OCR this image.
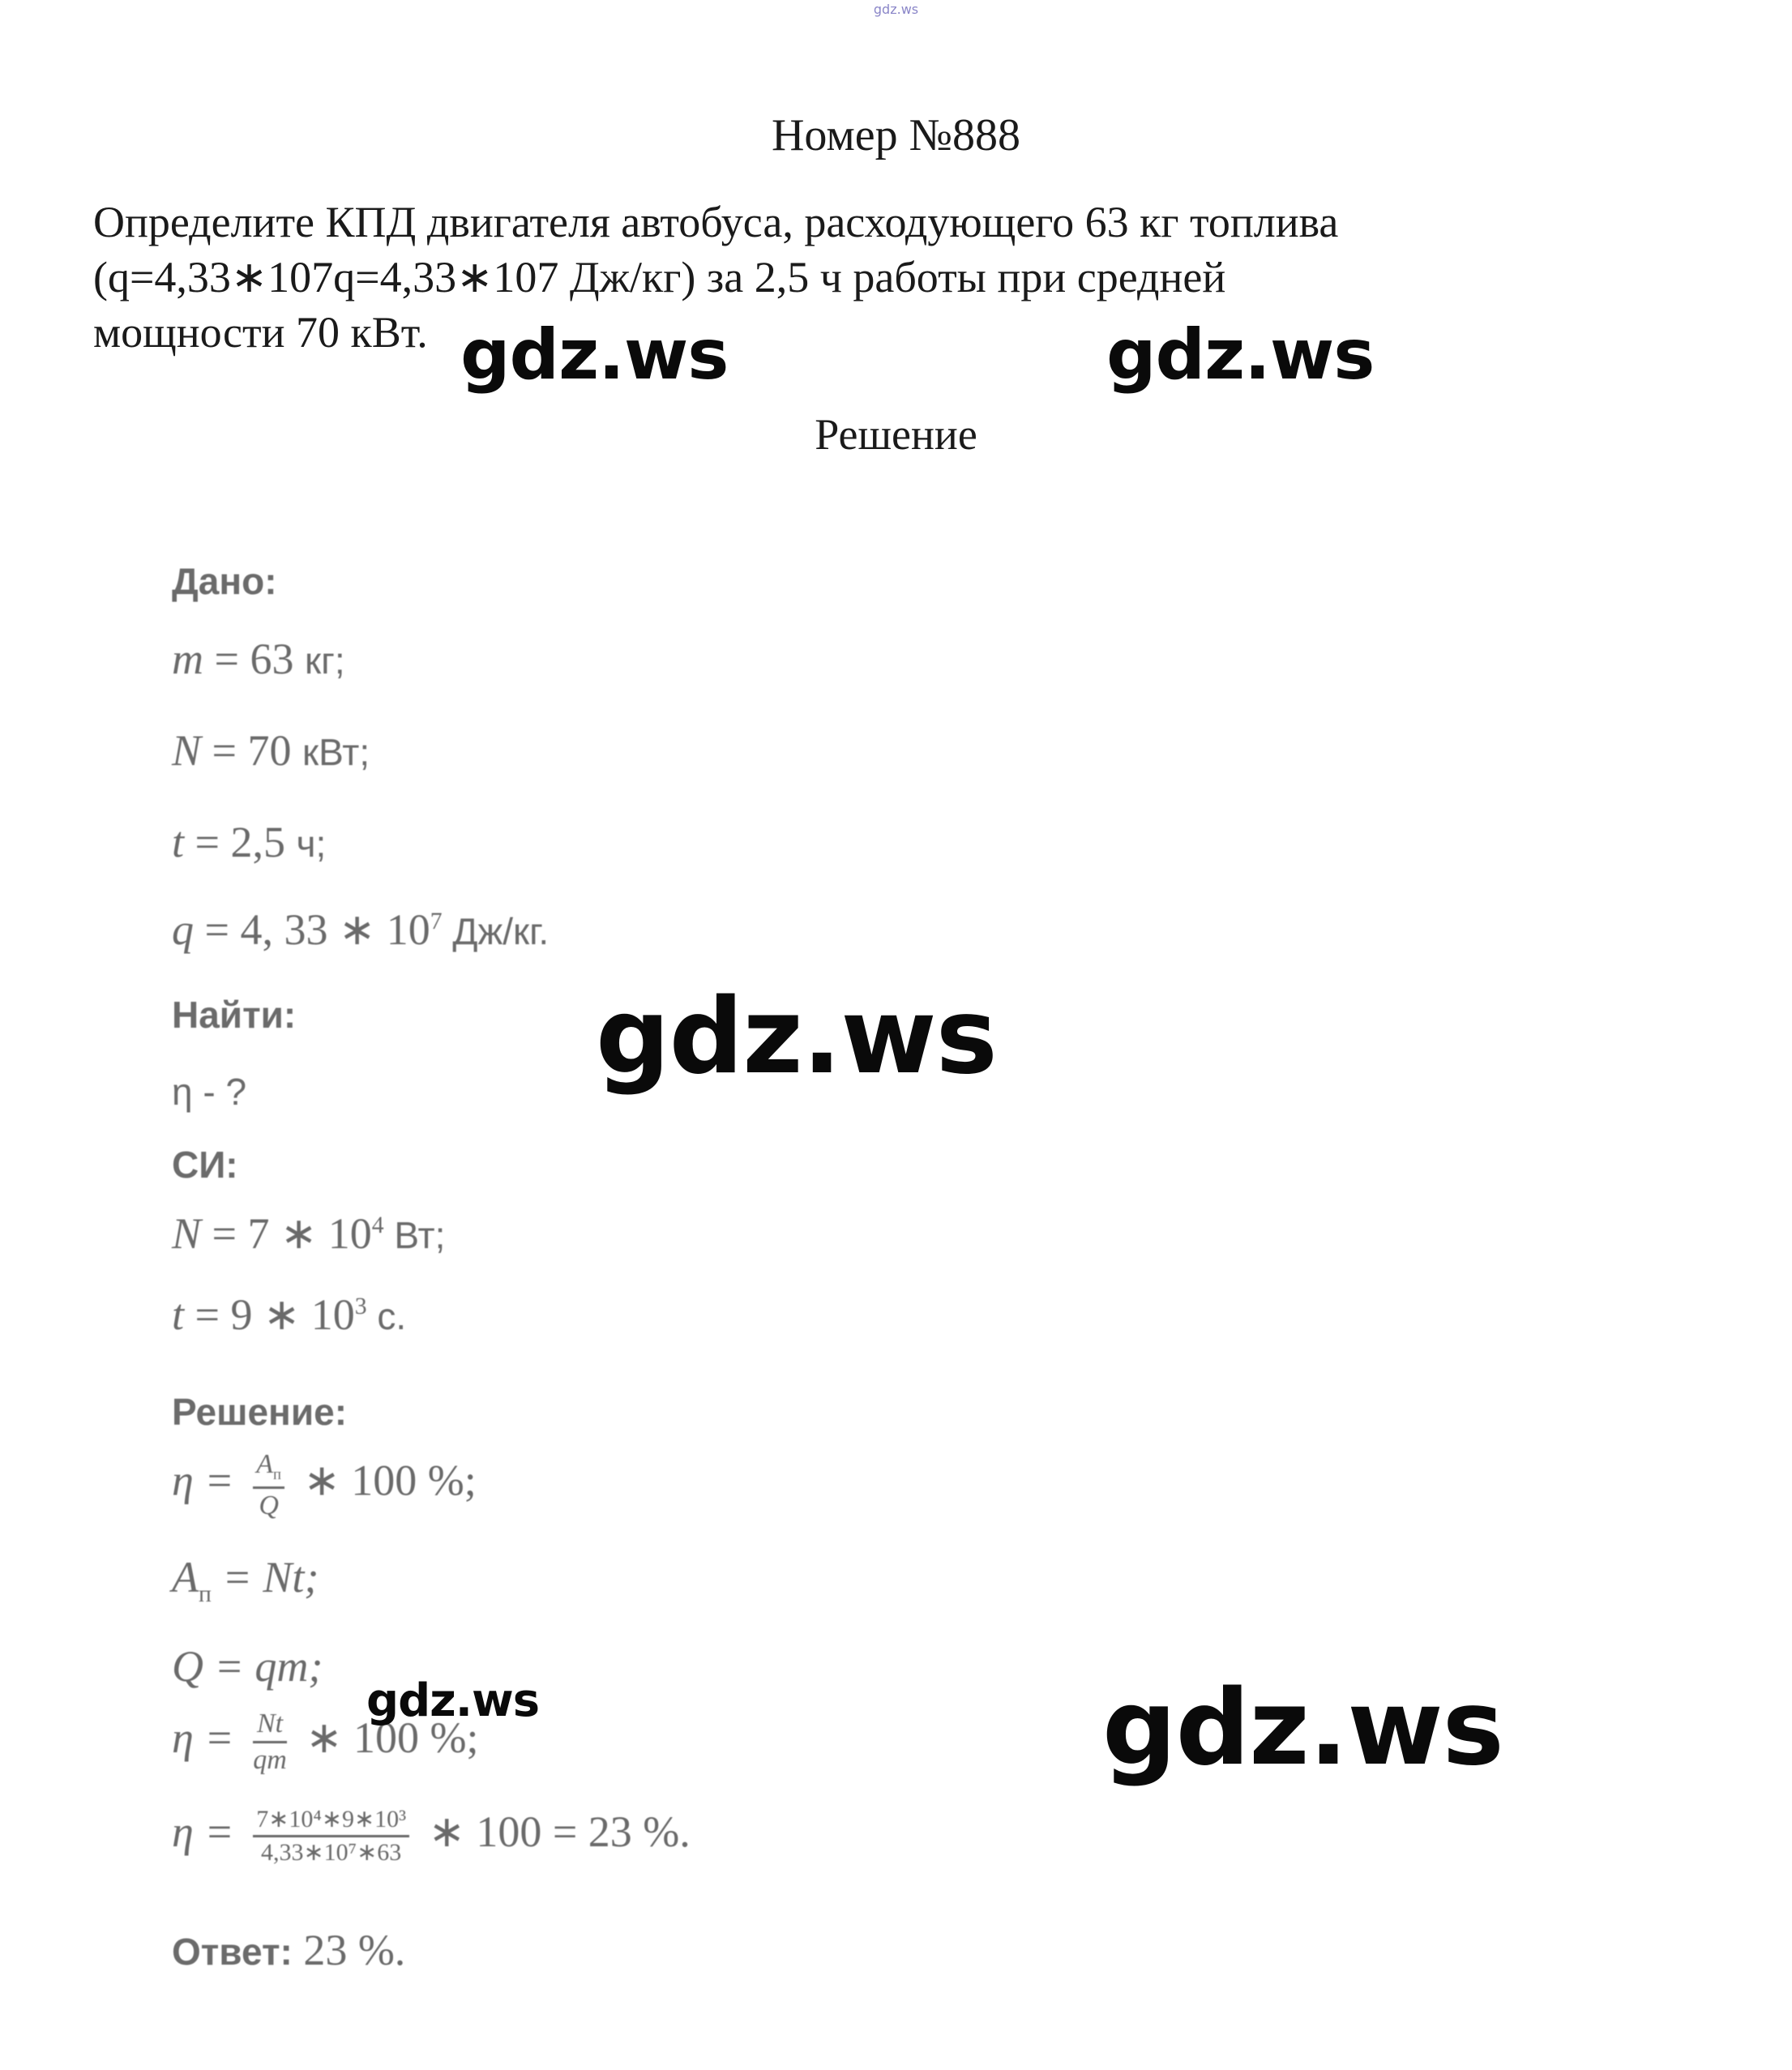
gdz.ws
Номер №888
Определите КПД двигателя автобуса, расходующего 63 кг топлива
(q=4,33∗107q=4,33∗107 Дж/кг) за 2,5 ч работы при средней
мощности 70 кВт.
Решение
Дано:
m = 63 кг;
N = 70 кВт;
t = 2,5 ч;
q = 4, 33 ∗ $10^7$ Дж/кг.
Найти:
η - ?
СИ:
N = 7 ∗ $10^4$ Вт;
t = 9 ∗ $10^3$ с.
Решение:
$\eta = \frac{A_п}{Q}$ ∗ 100 %;
$A_п = Nt$;
Q = qm;
$\eta = \frac{Nt}{qm}$ ∗ 100 %;
$\eta = \frac{\text{7∗10⁴∗9∗10³}}{\text{4,33∗10⁷∗63}}$ ∗ 100 = 23 %.
Ответ: 23 %.
gdz.ws	gdz.ws
gdz.ws
gdz.ws	gdz.ws
